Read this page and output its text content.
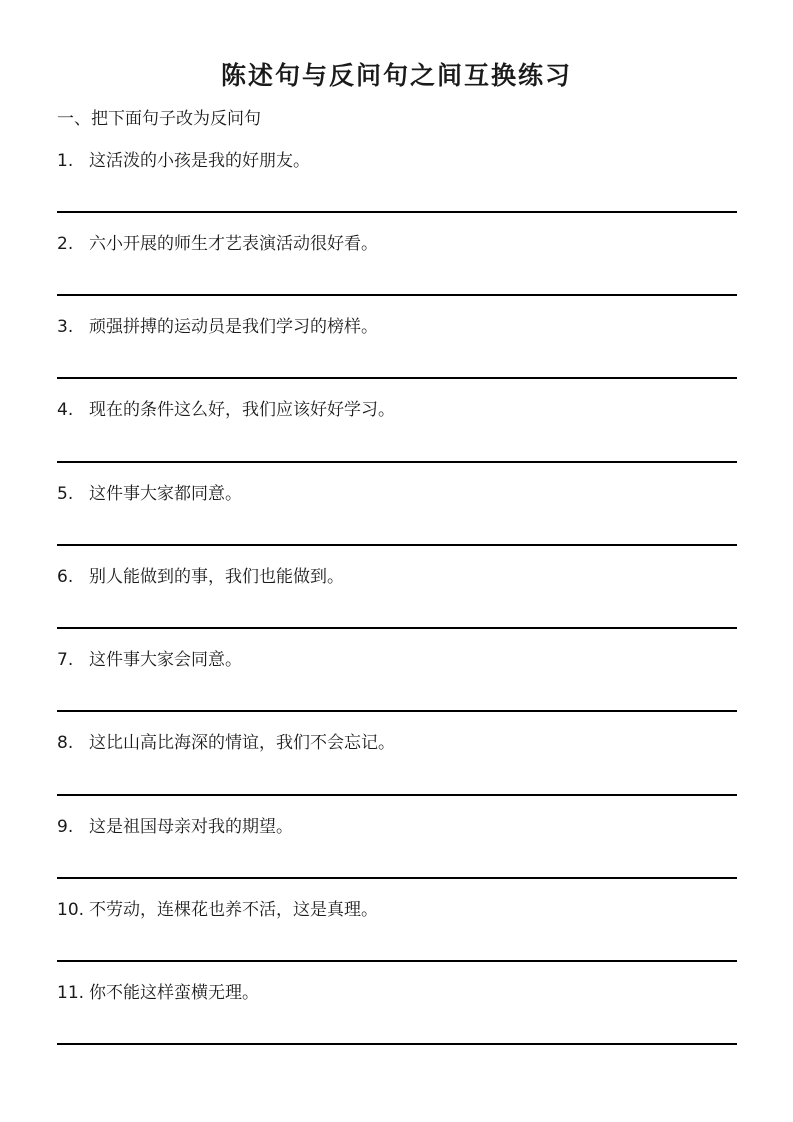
陈述句与反问句之间互换练习
一、把下面句子改为反问句
1. 这活泼的小孩是我的好朋友。
2. 六小开展的师生才艺表演活动很好看。
3. 顽强拼搏的运动员是我们学习的榜样。
4. 现在的条件这么好，我们应该好好学习。
5. 这件事大家都同意。
6. 别人能做到的事，我们也能做到。
7. 这件事大家会同意。
8. 这比山高比海深的情谊，我们不会忘记。
9. 这是祖国母亲对我的期望。
10. 不劳动，连棵花也养不活，这是真理。
11. 你不能这样蛮横无理。
